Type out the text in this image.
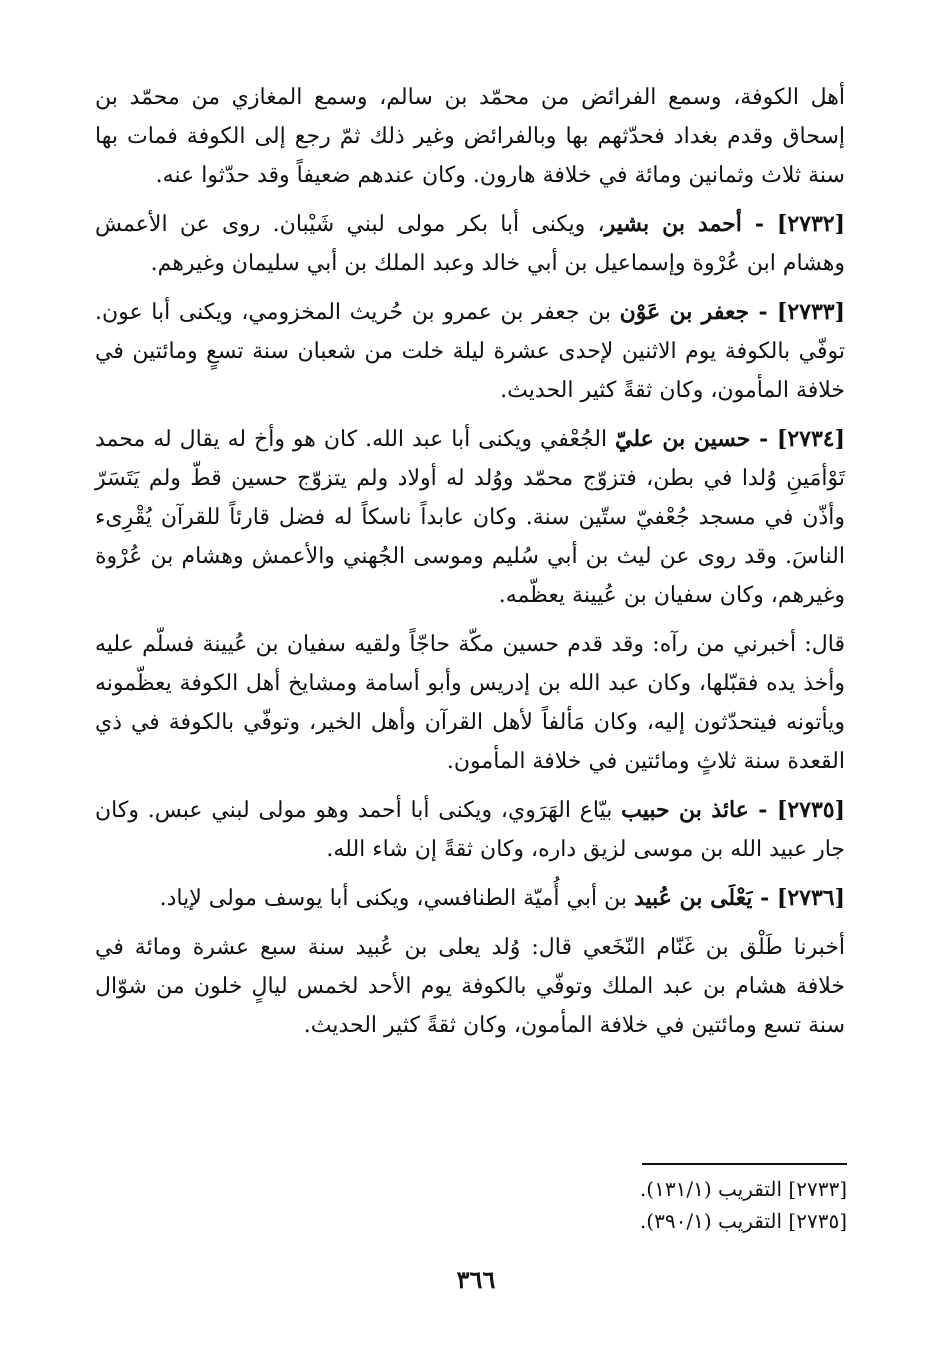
أهل الكوفة، وسمع الفرائض من محمّد بن سالم، وسمع المغازي من محمّد بن إسحاق وقدم بغداد فحدّثهم بها وبالفرائض وغير ذلك ثمّ رجع إلى الكوفة فمات بها سنة ثلاث وثمانين ومائة في خلافة هارون. وكان عندهم ضعيفاً وقد حدّثوا عنه.

[٢٧٣٢] - أحمد بن بشير، ويكنى أبا بكر مولى لبني شَيْبان. روى عن الأعمش وهشام ابن عُرْوة وإسماعيل بن أبي خالد وعبد الملك بن أبي سليمان وغيرهم.

[٢٧٣٣] - جعفر بن عَوْن بن جعفر بن عمرو بن حُريث المخزومي، ويكنى أبا عون. توفّي بالكوفة يوم الاثنين لإحدى عشرة ليلة خلت من شعبان سنة تسعٍ ومائتين في خلافة المأمون، وكان ثقةً كثير الحديث.

[٢٧٣٤] - حسين بن عليّ الجُعْفي ويكنى أبا عبد الله. كان هو وأخ له يقال له محمد تَوْأمَينِ وُلدا في بطن، فتزوّج محمّد ووُلد له أولاد ولم يتزوّج حسين قطّ ولم يَتَسَرّ وأذّن في مسجد جُعْفيّ ستّين سنة. وكان عابداً ناسكاً له فضل قارئاً للقرآن يُقْرِىء الناسَ. وقد روى عن ليث بن أبي سُليم وموسى الجُهني والأعمش وهشام بن عُرْوة وغيرهم، وكان سفيان بن عُيينة يعظّمه.

قال: أخبرني من رآه: وقد قدم حسين مكّة حاجّاً ولقيه سفيان بن عُيينة فسلّم عليه وأخذ يده فقبّلها، وكان عبد الله بن إدريس وأبو أسامة ومشايخ أهل الكوفة يعظّمونه ويأتونه فيتحدّثون إليه، وكان مَألفاً لأهل القرآن وأهل الخير، وتوفّي بالكوفة في ذي القعدة سنة ثلاثٍ ومائتين في خلافة المأمون.

[٢٧٣٥] - عائذ بن حبيب بيّاع الهَرَوي، ويكنى أبا أحمد وهو مولى لبني عبس. وكان جار عبيد الله بن موسى لزيق داره، وكان ثقةً إن شاء الله.

[٢٧٣٦] - يَعْلَى بن عُبيد بن أبي أُميّة الطنافسي، ويكنى أبا يوسف مولى لإياد.

أخبرنا طَلْق بن غَنّام النّخَعي قال: وُلد يعلى بن عُبيد سنة سبع عشرة ومائة في خلافة هشام بن عبد الملك وتوفّي بالكوفة يوم الأحد لخمس ليالٍ خلون من شوّال سنة تسع ومائتين في خلافة المأمون، وكان ثقةً كثير الحديث.

[٢٧٣٣] التقريب (١٣١/١).
[٢٧٣٥] التقريب (٣٩٠/١).
٣٦٦
